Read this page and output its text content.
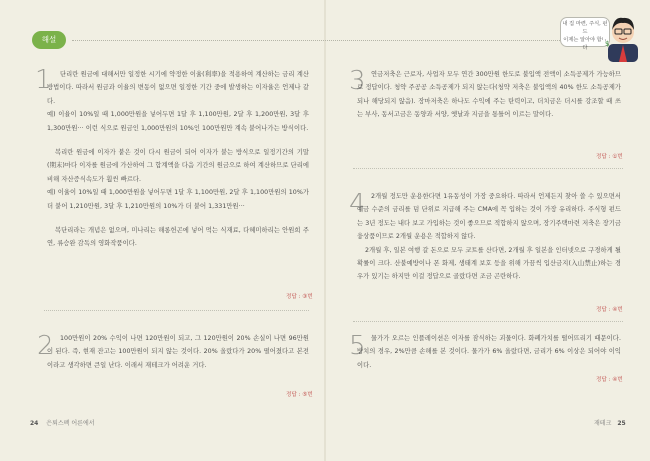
해설
내 집 마련, 주식, 펀드
이제는 알아야 합니다	$
1	단리란 원금에 대해서만 일정한 시기에 약정한 이율(利率)을 적용하여 계산하는 금리 계산방법이다. 따라서 원금과 이율의 변동이 없으면 일정한 기간 중에 발생하는 이자율은 언제나 같다.

예) 이율이 10%일 때 1,000만원을 넣어두면 1달 후 1,100만원, 2달 후 1,200만원, 3달 후 1,300만원··· 이런 식으로 원금인 1,000만원의 10%인 100만원만 계속 붙어나가는 방식이다.

복리란 원금에 이자가 붙은 것이 다시 원금이 되어 이자가 붙는 방식으로 일정기간의 기말(期末)마다 이자를 원금에 가산하여 그 합계액을 다음 기간의 원금으로 하여 계산하므로 단리에 비해 자산증식속도가 훨씬 빠르다.

예) 이율이 10%일 때 1,000만원을 넣어두면 1달 후 1,100만원, 2달 후 1,100만원의 10%가 더 붙어 1,210만원, 3달 후 1,210만원의 10%가 더 붙어 1,331만원···

복단리라는 개념은 없으며, 미나리는 해롱헌곤에 넣어 먹는 식재료, 다혜미하리는 안원희 주연, 류승완 감독의 영화작품이다.

정답 : ③번
2	100만원이 20% 수익이 나면 120만원이 되고, 그 120만원이 20% 손실이 나면 96만원이 된다. 즉, 현재 잔고는 100만원이 되지 않는 것이다. 20% 올랐다가 20% 떨어졌다고 본전이라고 생각하면 큰일 난다. 이래서 재테크가 어려운 거다.

정답 : ⑤번
3 연금저축은 근로자, 사업자 모두 연간 300만원 한도로 불입액 전액이 소득공제가 가능하므로 정답이다. 청약 주공공 소득공제가 되지 않는다(청약 저축은 불입액의 40% 한도 소득공제가 되나 해당되지 않음). 장마저축은 하나도 수익에 주는 탄력이고, 더치금은 더시를 강조할 때 쓰는 부사, 동서고금은 동양과 서양, 옛날과 지금을 통틀어 이르는 말이다.

정답 : ①번
4 2개월 정도만 운용한다면 1유동성이 가장 중요하다. 따라서 언제든지 찾아 쓸 수 있으면서 예금 수준의 금리를 덤 단위로 지급해 주는 CMA에 꼭 입하는 것이 가장 유리하다. 주식형 펀드는 3년 정도는 내다 보고 가입하는 것이 좋으므로 적합하지 않으며, 장기주택마련 저축은 장기금융상품이므로 2개월 운용은 적합하지 않다.

2개월 후, 일본 여행 갈 돈으로 모두 코트를 산다면, 2개월 후 일본을 인터넷으로 구경하게 될 확률이 크다. 산불예방이나 폰 화제, 생태계 보호 등을 위해 가끔씩 입산금지(入山禁止)하는 경우가 있기는 하지만 이걸 정답으로 골랐다면 조금 곤란하다.

정답 : ④번
5 물가가 오르는 인플레이션은 이자를 잠식하는 괴물이다. 화폐가치를 떨어뜨리기 때문이다. 방치의 경우, 2%만큼 손해를 본 것이다. 물가가 6% 올랐다면, 금리가 6% 이상은 되어야 이익이다.

정답 : ④번
24 은퇴스펙 어른에서	재테크 25
